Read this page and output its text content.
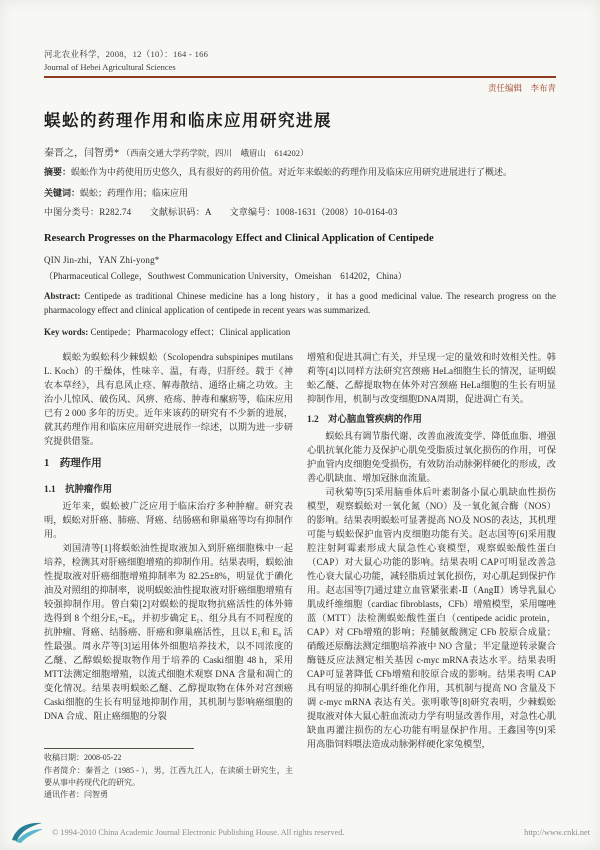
河北农业科学，2008，12（10）：164 - 166
Journal of Hebei Agricultural Sciences
责任编辑　李布青
蜈蚣的药理作用和临床应用研究进展
秦晋之，闫智勇* （西南交通大学药学院，四川　峨眉山　614202）

摘要：蜈蚣作为中药使用历史悠久，具有很好的药用价值。对近年来蜈蚣的药理作用及临床应用研究进展进行了概述。

关键词：蜈蚣；药理作用；临床应用

中图分类号：R282.74　　文献标识码：A　　文章编号：1008-1631（2008）10-0164-03

Research Progresses on the Pharmacology Effect and Clinical Application of Centipede
QIN Jin-zhi，YAN Zhi-yong*
（Pharmaceutical College，Southwest Communication University，Omeishan　614202，China）

Abstract: Centipede as traditional Chinese medicine has a long history，it has a good medicinal value. The research progress on the pharmacology effect and clinical application of centipede in recent years was summarized.

Key words: Centipede；Pharmacology effect；Clinical application

蜈蚣为蜈蚣科少棘蜈蚣（Scolopendra subspinipes mutilans L. Koch）的干燥体，性味辛、温，有毒，归肝经。载于《神农本草经》，具有息风止痉、解毒散结、通络止痛之功效。主治小儿惊风、破伤风、风痹、疮疡、肿毒和瘰疬等，临床应用已有 2 000 多年的历史。近年来该药的研究有不少新的进展，就其药理作用和临床应用研究进展作一综述，以期为进一步研究提供借鉴。

1　药理作用

1.1　抗肿瘤作用

近年来，蜈蚣被广泛应用于临床治疗多种肿瘤。研究表明，蜈蚣对肝癌、肺癌、肾癌、结肠癌和卵巢癌等均有抑制作用。

刘国清等[1]将蜈蚣油性提取液加入到肝癌细胞株中一起培养，检测其对肝癌细胞增殖的抑制作用。结果表明，蜈蚣油性提取液对肝癌细胞增殖抑制率为 82.25±8%，明显优于碘化油及对照组的抑制率，说明蜈蚣油性提取液对肝癌细胞增殖有较强抑制作用。曾白菊[2]对蜈蚣的提取物抗癌活性的体外筛选得到 8 个组分E₁~E₈，并初步确定 E₁、组分具有不同程度的抗肿瘤、肾癌、结肠癌、肝癌和卵巢癌活性，且以 E₁和 E₈ 活性最强。周永芹等[3]运用体外细胞培养技术，以不同浓度的乙醚、乙醇蜈蚣提取物作用于培养的 Caski细胞 48 h，采用 MTT法测定细胞增殖，以流式细胞术观察 DNA 含量和凋亡的变化情况。结果表明蜈蚣乙醚、乙醇提取物在体外对宫颈癌 Caski细胞的生长有明显地抑制作用，其机制与影响癌细胞的 DNA 合成、阻止癌细胞的分裂

收稿日期：2008-05-22
作者简介：秦晋之（1985 - ），男，江西九江人，在读硕士研究生，主要从事中药现代化的研究。
通讯作者：闫智勇

增殖和促进其凋亡有关，并呈现一定的量效和时效相关性。韩莉等[4]以同样方法研究宫颈癌 HeLa细胞生长的情况，证明蜈蚣乙醚、乙醇提取物在体外对宫颈癌 HeLa细胞的生长有明显抑制作用，机制与改变细胞DNA周期，促进凋亡有关。

1.2　对心脑血管疾病的作用

蜈蚣具有调节脂代谢、改善血液流变学、降低血脂、增强心肌抗氧化能力及保护心肌免受脂质过氧化损伤的作用，可保护血管内皮细胞免受损伤，有效防治动脉粥样硬化的形成，改善心肌缺血、增加冠脉血流量。

司秋菊等[5]采用脑垂体后叶素制备小鼠心肌缺血性损伤模型，观察蜈蚣对一氧化氮（NO）及一氧化氮合酶（NOS）的影响。结果表明蜈蚣可显著提高 NO及 NOS的表达，其机理可能与蜈蚣保护血管内皮细胞功能有关。赵志国等[6]采用腹腔注射阿霉素形成大鼠急性心衰模型，观察蜈蚣酸性蛋白（CAP）对大鼠心功能的影响。结果表明 CAP可明显改善急性心衰大鼠心功能，减轻脂质过氧化损伤，对心肌起到保护作用。赵志国等[7]通过建立血管紧张素-Ⅱ（AngⅡ）诱导乳鼠心肌成纤维细胞（cardiac fibroblasts，CFb）增殖模型，采用噻唑蓝（MTT）法检测蜈蚣酸性蛋白（centipede acidic protein，CAP）对 CFb增殖的影响；羟脯氨酸测定 CFb 胶原合成量；硝酸还原酶法测定细胞培养液中 NO 含量；半定量逆转录聚合酶链反应法测定相关基因 c-myc mRNA表达水平。结果表明 CAP可显著降低 CFb增殖和胶原合成的影响。结果表明 CAP具有明显的抑制心肌纤维化作用，其机制与提高 NO 含量及下调 c-myc mRNA 表达有关。张明歌等[8]研究表明，少棘蜈蚣提取液对体大鼠心脏血流动力学有明显改善作用，对急性心肌缺血再灌注损伤的左心功能有明显保护作用。王鑫国等[9]采用高脂饲料喂法造成动脉粥样硬化家兔模型，

© 1994-2010 China Academic Journal Electronic Publishing House. All rights reserved.	http://www.cnki.net
